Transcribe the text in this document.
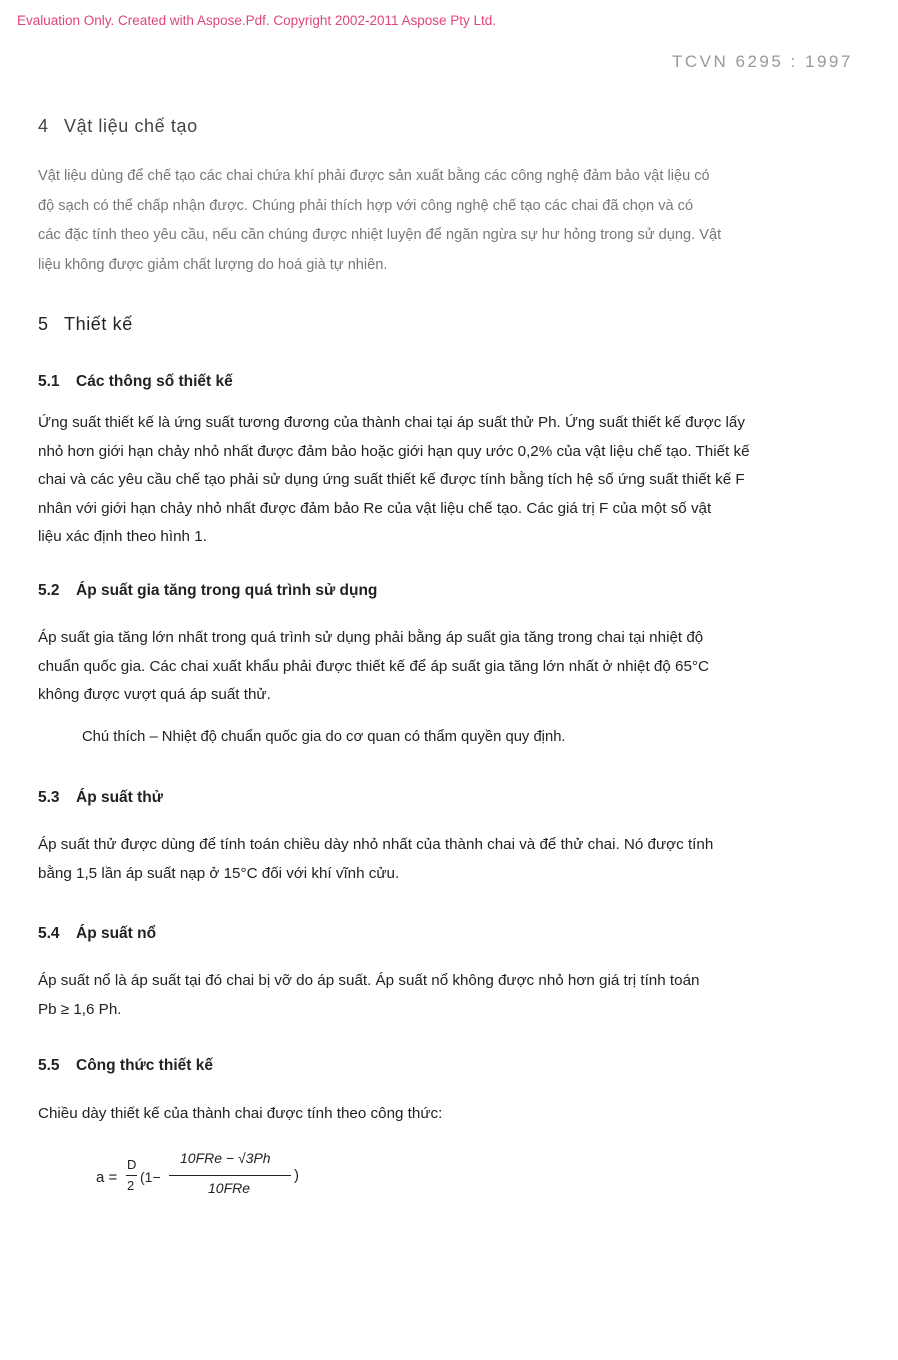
Evaluation Only. Created with Aspose.Pdf. Copyright 2002-2011 Aspose Pty Ltd.
TCVN 6295 : 1997
4 Vật liệu chế tạo
Vật liệu dùng để chế tạo các chai chứa khí phải được sản xuất bằng các công nghệ đảm bảo vật liệu có
độ sạch có thể chấp nhận được. Chúng phải thích hợp với công nghệ chế tạo các chai đã chọn và có
các đặc tính theo yêu cầu, nếu cần chúng được nhiệt luyện để ngăn ngừa sự hư hỏng trong sử dụng. Vật
liệu không được giảm chất lượng do hoá già tự nhiên.
5 Thiết kế
5.1 Các thông số thiết kế
Ứng suất thiết kế là ứng suất tương đương của thành chai tại áp suất thử Ph. Ứng suất thiết kế được lấy
nhỏ hơn giới hạn chảy nhỏ nhất được đảm bảo hoặc giới hạn quy ước 0,2% của vật liệu chế tạo. Thiết kế
chai và các yêu cầu chế tạo phải sử dụng ứng suất thiết kế được tính bằng tích hệ số ứng suất thiết kế F
nhân với giới hạn chảy nhỏ nhất được đảm bảo Re của vật liệu chế tạo. Các giá trị F của một số vật
liệu xác định theo hình 1.
5.2 Áp suất gia tăng trong quá trình sử dụng
Áp suất gia tăng lớn nhất trong quá trình sử dụng phải bằng áp suất gia tăng trong chai tại nhiệt độ
chuẩn quốc gia. Các chai xuất khẩu phải được thiết kế để áp suất gia tăng lớn nhất ở nhiệt độ 65°C
không được vượt quá áp suất thử.
Chú thích – Nhiệt độ chuẩn quốc gia do cơ quan có thẩm quyền quy định.
5.3 Áp suất thử
Áp suất thử được dùng để tính toán chiều dày nhỏ nhất của thành chai và để thử chai. Nó được tính
bằng 1,5 lần áp suất nạp ở 15°C đối với khí vĩnh cửu.
5.4 Áp suất nổ
Áp suất nổ là áp suất tại đó chai bị vỡ do áp suất. Áp suất nổ không được nhỏ hơn giá trị tính toán
Pb ≥ 1,6 Ph.
5.5 Công thức thiết kế
Chiều dày thiết kế của thành chai được tính theo công thức:
a =
D
2
(1−
10FRe − √3Ph
10FRe
)
